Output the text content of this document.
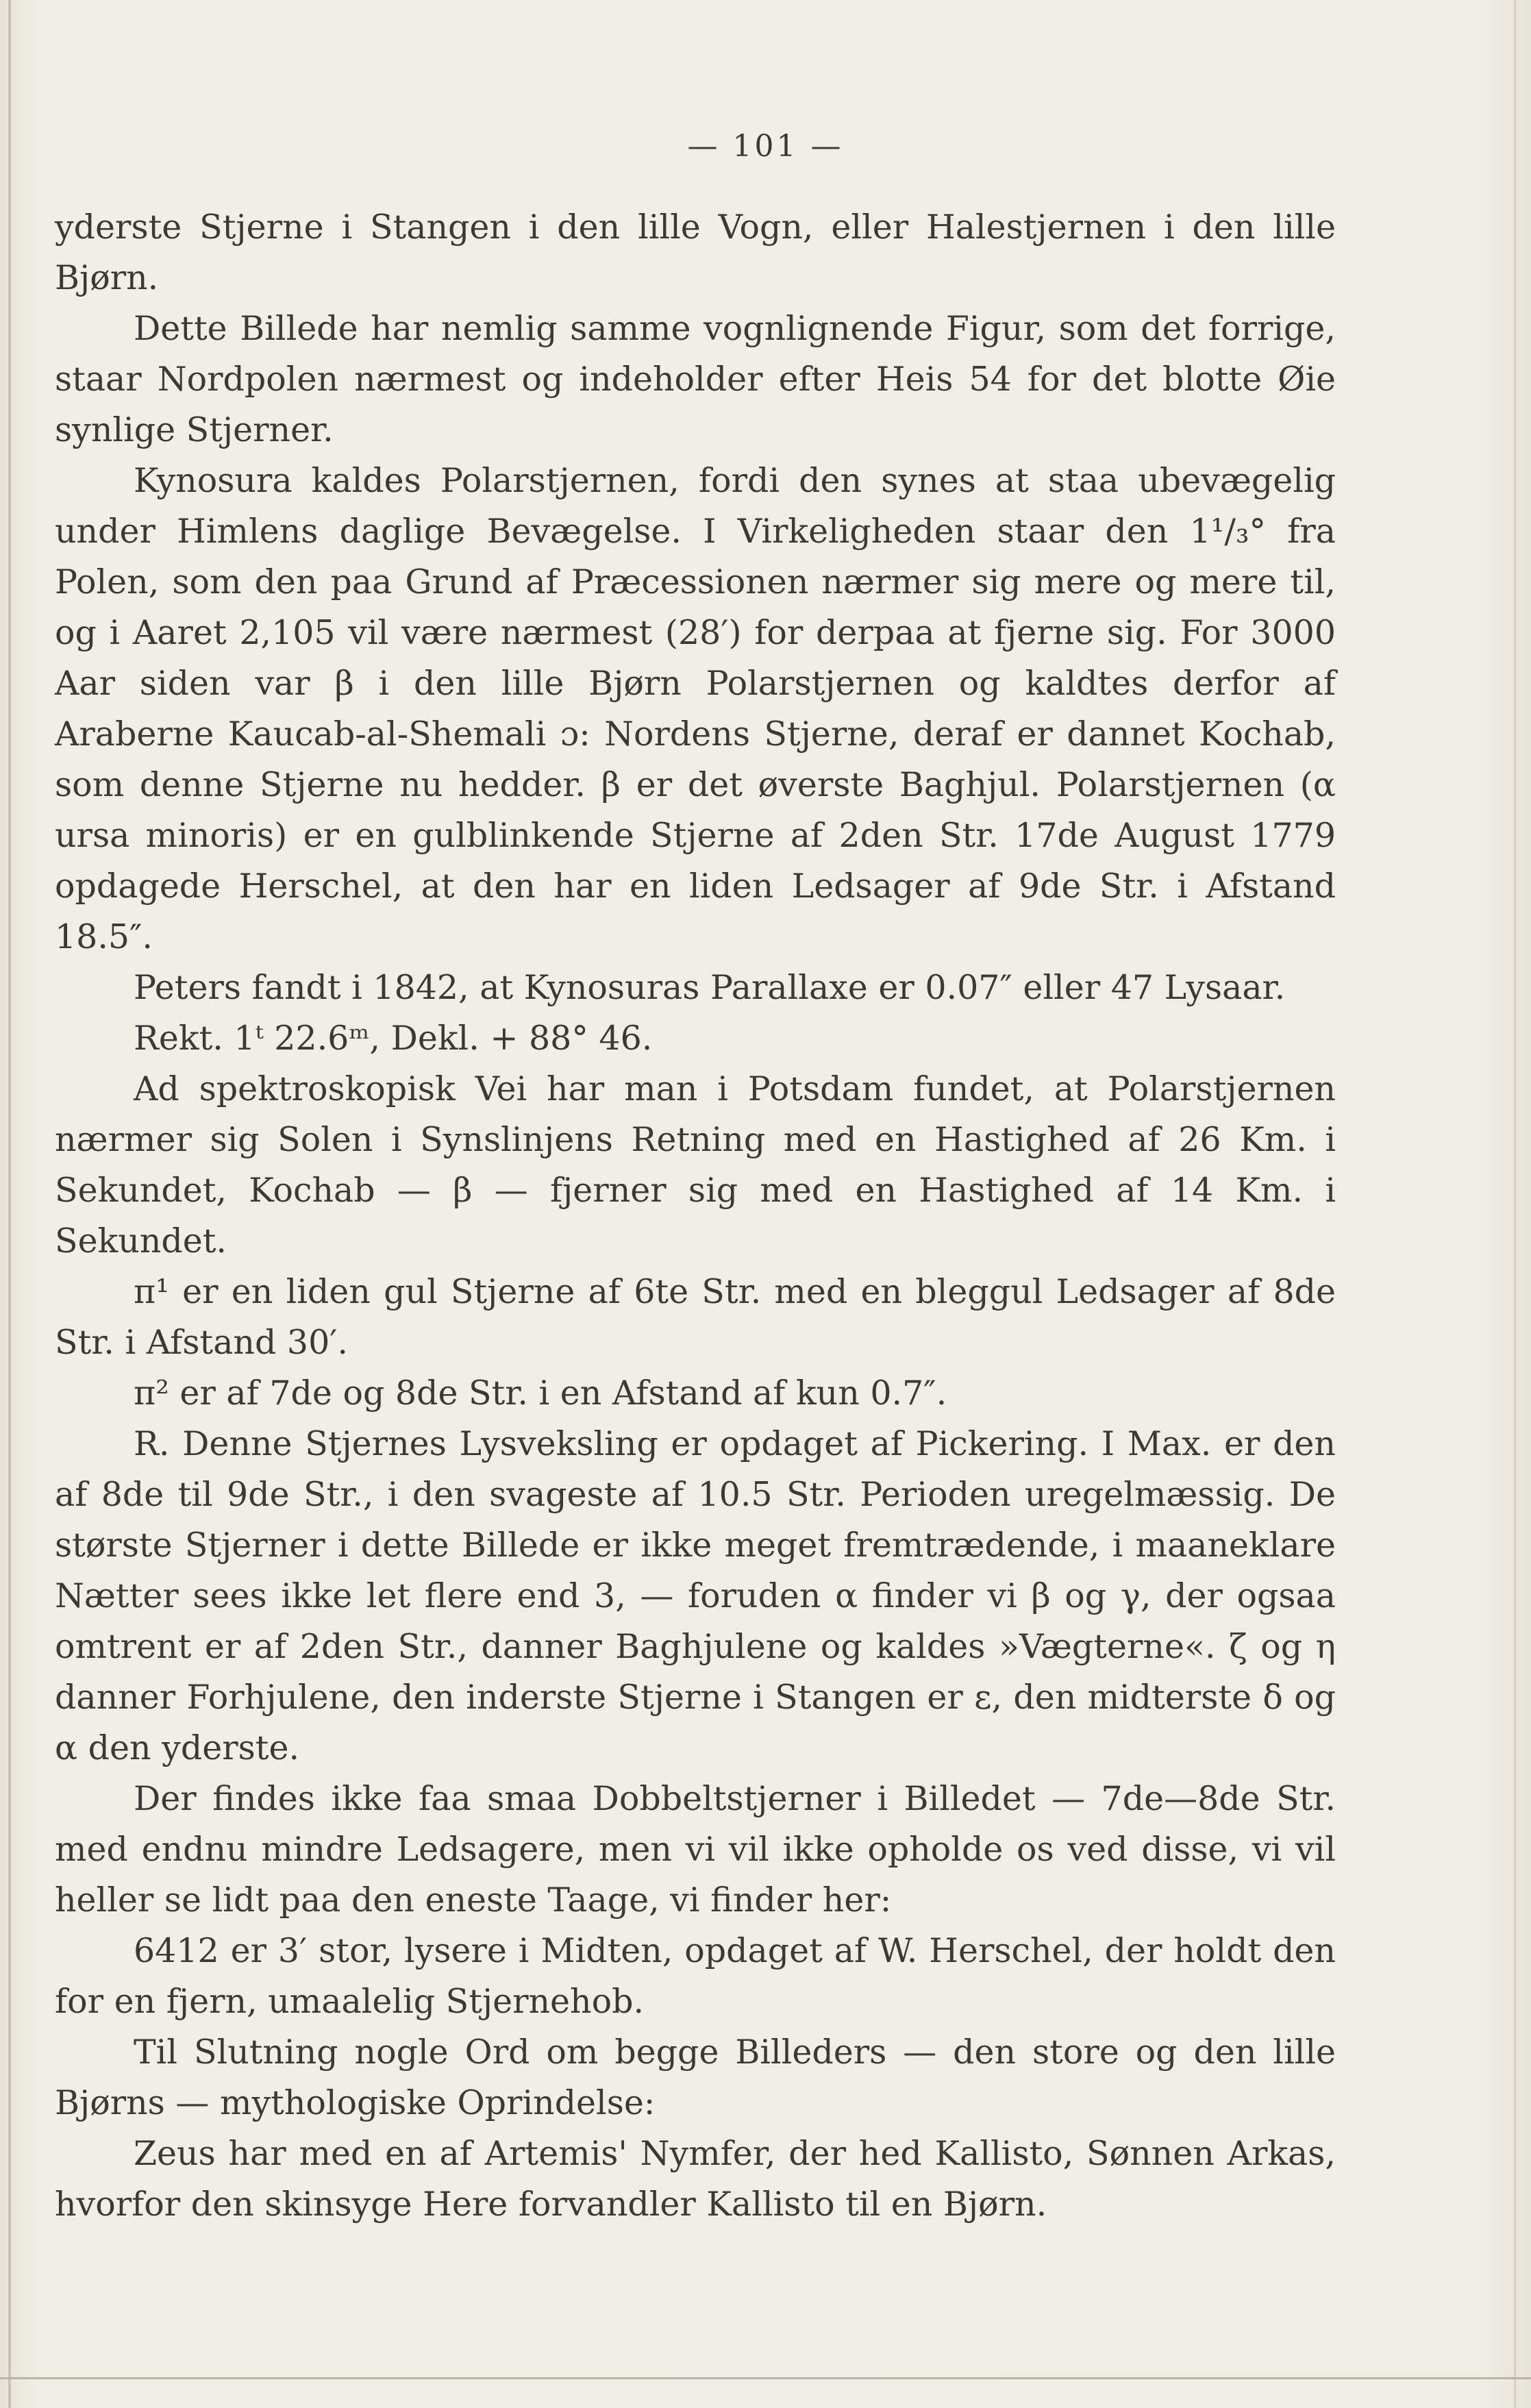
— 101 —

yderste Stjerne i Stangen i den lille Vogn, eller Halestjernen i den lille Bjørn.

Dette Billede har nemlig samme vognlignende Figur, som det forrige, staar Nordpolen nærmest og indeholder efter Heis 54 for det blotte Øie synlige Stjerner.

Kynosura kaldes Polarstjernen, fordi den synes at staa ubevægelig under Himlens daglige Bevægelse. I Virkeligheden staar den 1¹/₃° fra Polen, som den paa Grund af Præcessionen nærmer sig mere og mere til, og i Aaret 2,105 vil være nærmest (28′) for derpaa at fjerne sig. For 3000 Aar siden var β i den lille Bjørn Polarstjernen og kaldtes derfor af Araberne Kaucab-al-Shemali ɔ: Nordens Stjerne, deraf er dannet Kochab, som denne Stjerne nu hedder. β er det øverste Baghjul. Polarstjernen (α ursa minoris) er en gulblinkende Stjerne af 2den Str. 17de August 1779 opdagede Herschel, at den har en liden Ledsager af 9de Str. i Afstand 18.5″.

Peters fandt i 1842, at Kynosuras Parallaxe er 0.07″ eller 47 Lysaar.

Rekt. 1ᵗ 22.6ᵐ, Dekl. + 88° 46.

Ad spektroskopisk Vei har man i Potsdam fundet, at Polarstjernen nærmer sig Solen i Synslinjens Retning med en Hastighed af 26 Km. i Sekundet, Kochab — β — fjerner sig med en Hastighed af 14 Km. i Sekundet.

π¹ er en liden gul Stjerne af 6te Str. med en bleggul Ledsager af 8de Str. i Afstand 30′.

π² er af 7de og 8de Str. i en Afstand af kun 0.7″.

R. Denne Stjernes Lysveksling er opdaget af Pickering. I Max. er den af 8de til 9de Str., i den svageste af 10.5 Str. Perioden uregelmæssig. De største Stjerner i dette Billede er ikke meget fremtrædende, i maaneklare Nætter sees ikke let flere end 3, — foruden α finder vi β og γ, der ogsaa omtrent er af 2den Str., danner Baghjulene og kaldes »Vægterne«. ζ og η danner Forhjulene, den inderste Stjerne i Stangen er ε, den midterste δ og α den yderste.

Der findes ikke faa smaa Dobbeltstjerner i Billedet — 7de—8de Str. med endnu mindre Ledsagere, men vi vil ikke opholde os ved disse, vi vil heller se lidt paa den eneste Taage, vi finder her:

6412 er 3′ stor, lysere i Midten, opdaget af W. Herschel, der holdt den for en fjern, umaalelig Stjernehob.

Til Slutning nogle Ord om begge Billeders — den store og den lille Bjørns — mythologiske Oprindelse:

Zeus har med en af Artemis' Nymfer, der hed Kallisto, Sønnen Arkas, hvorfor den skinsyge Here forvandler Kallisto til en Bjørn.
